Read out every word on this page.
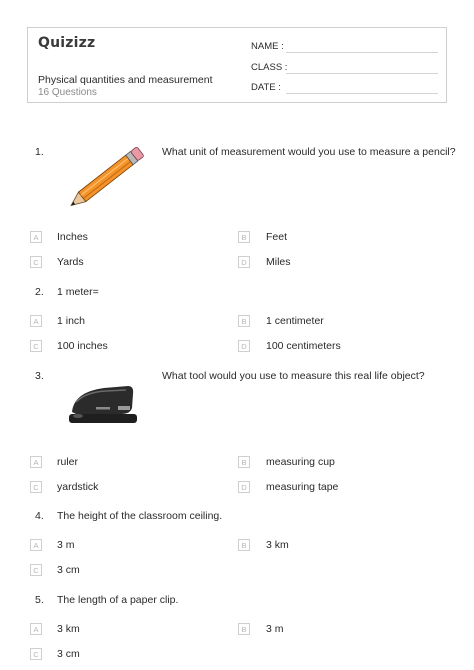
Quizizz
Physical quantities and measurement
16 Questions
NAME :
CLASS :
DATE :
1.	What unit of measurement would you use to measure a pencil?
A	Inches	B	Feet
C	Yards	D	Miles
2. 1 meter=
A	1 inch	B	1 centimeter
C	100 inches	D	100 centimeters
3.	What tool would you use to measure this real life object?
A	ruler	B	measuring cup
C	yardstick	D	measuring tape
4. The height of the classroom ceiling.
A	3 m	B	3 km
C	3 cm
5. The length of a paper clip.
A	3 km	B	3 m
C	3 cm
